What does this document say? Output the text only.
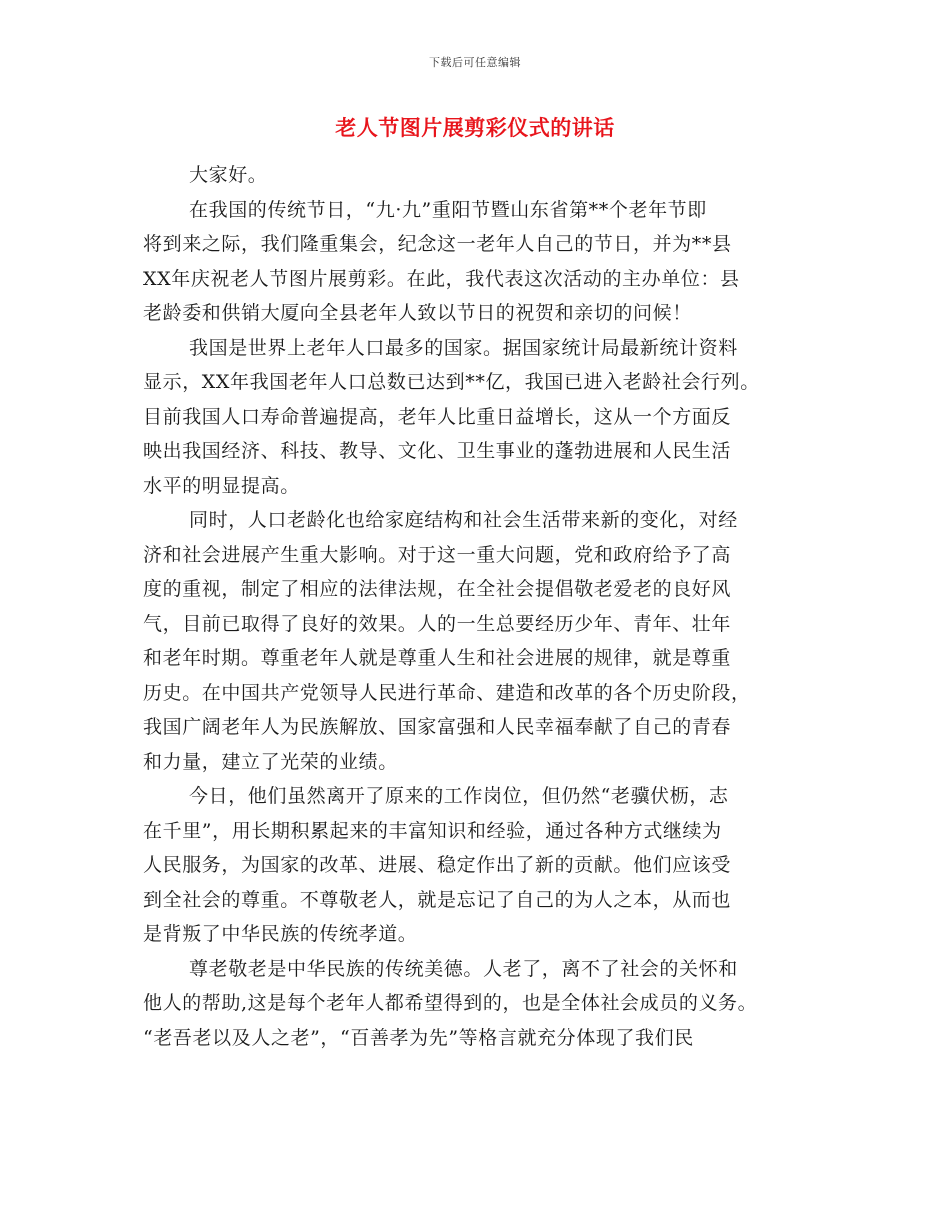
下载后可任意编辑
老人节图片展剪彩仪式的讲话
大家好。
在我国的传统节日，“九·九”重阳节暨山东省第**个老年节即
将到来之际，我们隆重集会，纪念这一老年人自己的节日，并为**县
XX年庆祝老人节图片展剪彩。在此，我代表这次活动的主办单位：县
老龄委和供销大厦向全县老年人致以节日的祝贺和亲切的问候！
我国是世界上老年人口最多的国家。据国家统计局最新统计资料
显示，XX年我国老年人口总数已达到**亿，我国已进入老龄社会行列。
目前我国人口寿命普遍提高，老年人比重日益增长，这从一个方面反
映出我国经济、科技、教导、文化、卫生事业的蓬勃进展和人民生活
水平的明显提高。
同时，人口老龄化也给家庭结构和社会生活带来新的变化，对经
济和社会进展产生重大影响。对于这一重大问题，党和政府给予了高
度的重视，制定了相应的法律法规，在全社会提倡敬老爱老的良好风
气，目前已取得了良好的效果。人的一生总要经历少年、青年、壮年
和老年时期。尊重老年人就是尊重人生和社会进展的规律，就是尊重
历史。在中国共产党领导人民进行革命、建造和改革的各个历史阶段，
我国广阔老年人为民族解放、国家富强和人民幸福奉献了自己的青春
和力量，建立了光荣的业绩。
今日，他们虽然离开了原来的工作岗位，但仍然“老骥伏枥，志
在千里”，用长期积累起来的丰富知识和经验，通过各种方式继续为
人民服务，为国家的改革、进展、稳定作出了新的贡献。他们应该受
到全社会的尊重。不尊敬老人，就是忘记了自己的为人之本，从而也
是背叛了中华民族的传统孝道。
尊老敬老是中华民族的传统美德。人老了，离不了社会的关怀和
他人的帮助,这是每个老年人都希望得到的，也是全体社会成员的义务。
“老吾老以及人之老”，“百善孝为先”等格言就充分体现了我们民
